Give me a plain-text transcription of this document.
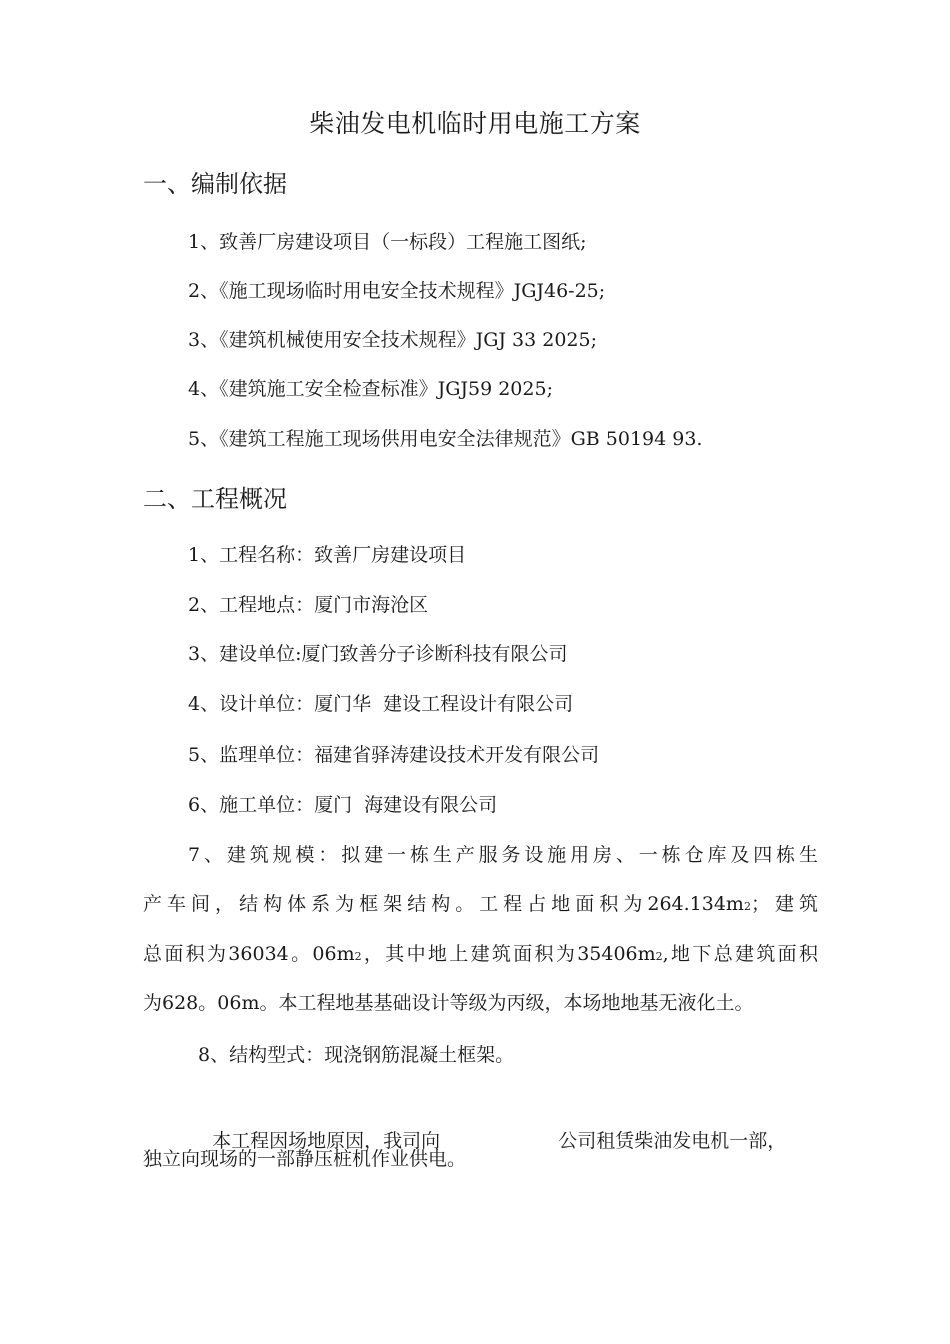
柴油发电机临时用电施工方案
一、编制依据
1、致善厂房建设项目（一标段）工程施工图纸;
2、《施工现场临时用电安全技术规程》JGJ46-25;
3、《建筑机械使用安全技术规程》JGJ 33 2025;
4、《建筑施工安全检查标准》JGJ59 2025;
5、《建筑工程施工现场供用电安全法律规范》GB 50194 93.
二、工程概况
1、工程名称：致善厂房建设项目
2、工程地点：厦门市海沧区
3、建设单位:厦门致善分子诊断科技有限公司
4、设计单位：厦门华  建设工程设计有限公司
5、监理单位：福建省驿涛建设技术开发有限公司
6、施工单位：厦门  海建设有限公司
7、建筑规模：拟建一栋生产服务设施用房、一栋仓库及四栋生
产车间，结构体系为框架结构。工程占地面积为264.134m2；建筑
总面积为36034。06m2，其中地上建筑面积为35406m2,地下总建筑面积
为628。06m。本工程地基基础设计等级为丙级，本场地地基无液化土。
8、结构型式：现浇钢筋混凝土框架。

本工程因场地原因，我司向	公司租赁柴油发电机一部，

独立向现场的一部静压桩机作业供电。
